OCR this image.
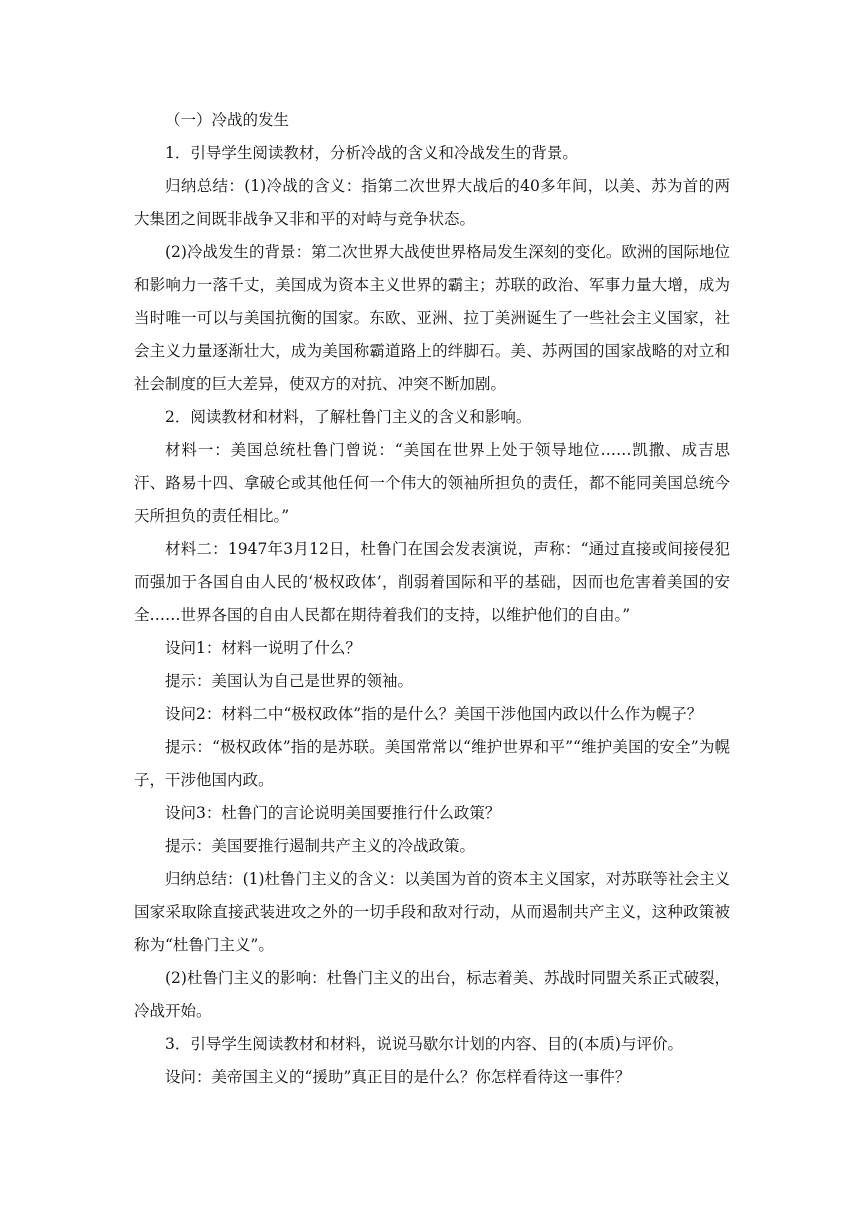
（一）冷战的发生

1．引导学生阅读教材，分析冷战的含义和冷战发生的背景。

归纳总结：(1)冷战的含义：指第二次世界大战后的40多年间，以美、苏为首的两大集团之间既非战争又非和平的对峙与竞争状态。

(2)冷战发生的背景：第二次世界大战使世界格局发生深刻的变化。欧洲的国际地位和影响力一落千丈，美国成为资本主义世界的霸主；苏联的政治、军事力量大增，成为当时唯一可以与美国抗衡的国家。东欧、亚洲、拉丁美洲诞生了一些社会主义国家，社会主义力量逐渐壮大，成为美国称霸道路上的绊脚石。美、苏两国的国家战略的对立和社会制度的巨大差异，使双方的对抗、冲突不断加剧。

2．阅读教材和材料，了解杜鲁门主义的含义和影响。

材料一：美国总统杜鲁门曾说：“美国在世界上处于领导地位……凯撒、成吉思汗、路易十四、拿破仑或其他任何一个伟大的领袖所担负的责任，都不能同美国总统今天所担负的责任相比。”

材料二：1947年3月12日，杜鲁门在国会发表演说，声称：“通过直接或间接侵犯而强加于各国自由人民的‘极权政体’，削弱着国际和平的基础，因而也危害着美国的安全……世界各国的自由人民都在期待着我们的支持，以维护他们的自由。”

设问1：材料一说明了什么？

提示：美国认为自己是世界的领袖。

设问2：材料二中“极权政体”指的是什么？美国干涉他国内政以什么作为幌子？

提示：“极权政体”指的是苏联。美国常常以“维护世界和平”“维护美国的安全”为幌子，干涉他国内政。

设问3：杜鲁门的言论说明美国要推行什么政策？

提示：美国要推行遏制共产主义的冷战政策。

归纳总结：(1)杜鲁门主义的含义：以美国为首的资本主义国家，对苏联等社会主义国家采取除直接武装进攻之外的一切手段和敌对行动，从而遏制共产主义，这种政策被称为“杜鲁门主义”。

(2)杜鲁门主义的影响：杜鲁门主义的出台，标志着美、苏战时同盟关系正式破裂，冷战开始。

3．引导学生阅读教材和材料，说说马歇尔计划的内容、目的(本质)与评价。

设问：美帝国主义的“援助”真正目的是什么？你怎样看待这一事件？
